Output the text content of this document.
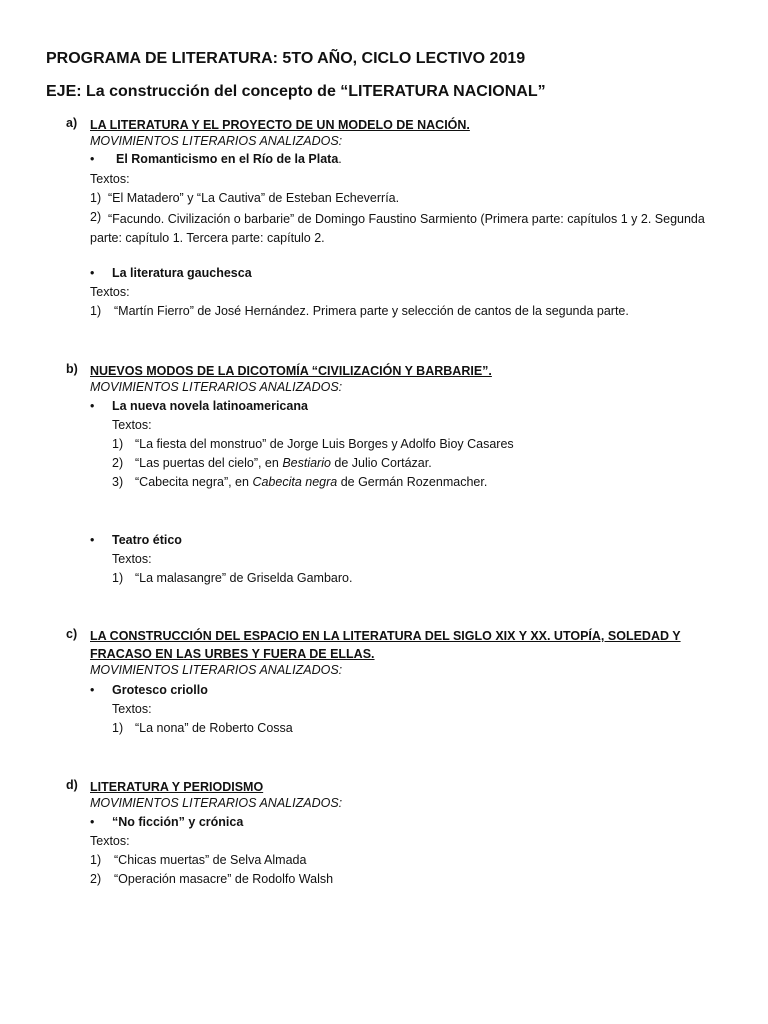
PROGRAMA DE LITERATURA: 5TO AÑO, CICLO LECTIVO 2019
EJE: La construcción del concepto de “LITERATURA NACIONAL”
a) LA LITERATURA Y EL PROYECTO DE UN MODELO DE NACIÓN.
MOVIMIENTOS LITERARIOS ANALIZADOS:
• El Romanticismo en el Río de la Plata.
Textos:
1) “El Matadero” y “La Cautiva” de Esteban Echeverría.
2) “Facundo. Civilización o barbarie” de Domingo Faustino Sarmiento (Primera parte: capítulos 1 y 2. Segunda parte: capítulo 1. Tercera parte: capítulo 2.
• La literatura gauchesca
Textos:
1) “Martín Fierro” de José Hernández. Primera parte y selección de cantos de la segunda parte.
b) NUEVOS MODOS DE LA DICOTOMÍA “CIVILIZACIÓN Y BARBARIE”.
MOVIMIENTOS LITERARIOS ANALIZADOS:
• La nueva novela latinoamericana
Textos:
1) “La fiesta del monstruo” de Jorge Luis Borges y Adolfo Bioy Casares
2) “Las puertas del cielo”, en Bestiario de Julio Cortázar.
3) “Cabecita negra”, en Cabecita negra de Germán Rozenmacher.
• Teatro ético
Textos:
1) “La malasangre” de Griselda Gambaro.
c) LA CONSTRUCCIÓN DEL ESPACIO EN LA LITERATURA DEL SIGLO XIX Y XX. UTOPÍA, SOLEDAD Y FRACASO EN LAS URBES Y FUERA DE ELLAS.
MOVIMIENTOS LITERARIOS ANALIZADOS:
• Grotesco criollo
Textos:
1) “La nona” de Roberto Cossa
d) LITERATURA Y PERIODISMO
MOVIMIENTOS LITERARIOS ANALIZADOS:
• “No ficción” y crónica
Textos:
1) “Chicas muertas” de Selva Almada
2) “Operación masacre” de Rodolfo Walsh
